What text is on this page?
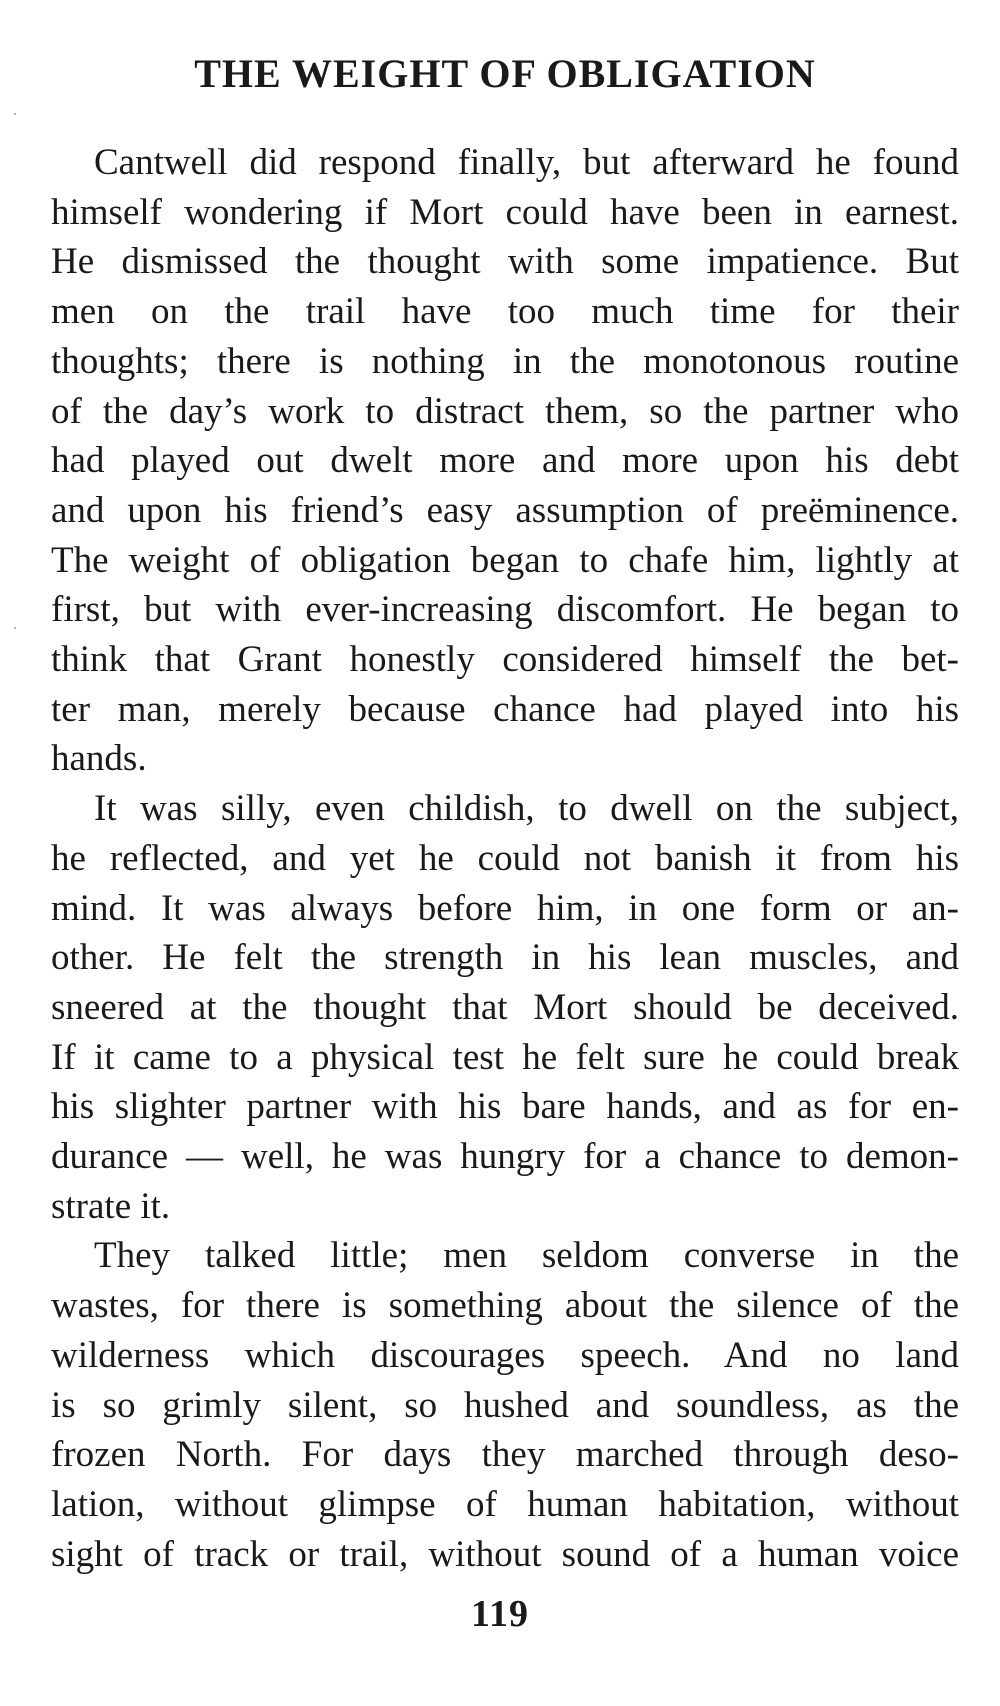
THE WEIGHT OF OBLIGATION

Cantwell did respond finally, but afterward he found
himself wondering if Mort could have been in earnest.
He dismissed the thought with some impatience. But
men on the trail have too much time for their
thoughts; there is nothing in the monotonous routine
of the day’s work to distract them, so the partner who
had played out dwelt more and more upon his debt
and upon his friend’s easy assumption of preëminence.
The weight of obligation began to chafe him, lightly at
first, but with ever-increasing discomfort. He began to
think that Grant honestly considered himself the bet-
ter man, merely because chance had played into his
hands.

It was silly, even childish, to dwell on the subject,
he reflected, and yet he could not banish it from his
mind. It was always before him, in one form or an-
other. He felt the strength in his lean muscles, and
sneered at the thought that Mort should be deceived.
If it came to a physical test he felt sure he could break
his slighter partner with his bare hands, and as for en-
durance — well, he was hungry for a chance to demon-
strate it.

They talked little; men seldom converse in the
wastes, for there is something about the silence of the
wilderness which discourages speech. And no land
is so grimly silent, so hushed and soundless, as the
frozen North. For days they marched through deso-
lation, without glimpse of human habitation, without
sight of track or trail, without sound of a human voice

119
